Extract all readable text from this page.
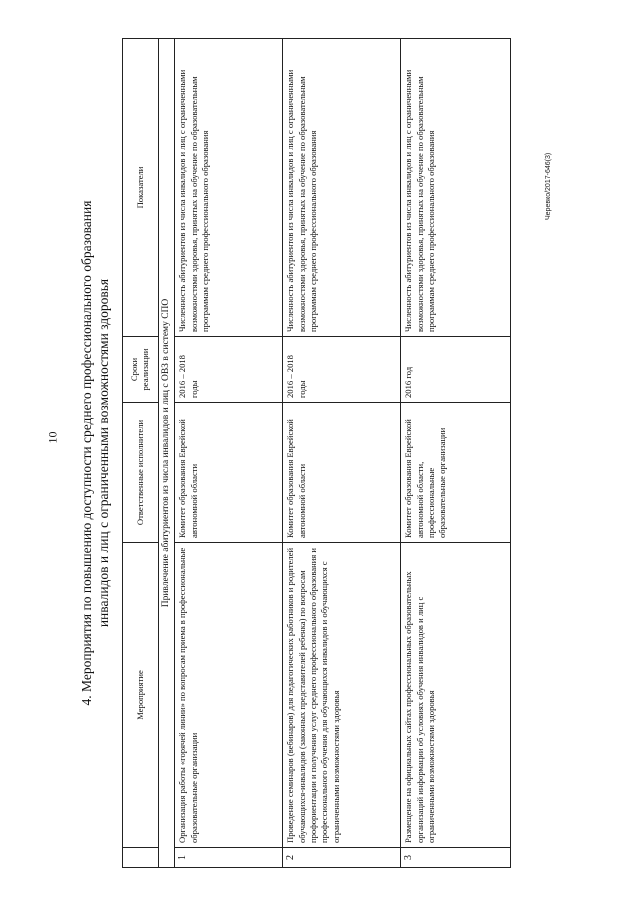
10
Черевко/2017-646(3)
4. Мероприятия по повышению доступности среднего профессионального образования инвалидов и лиц с ограниченными возможностями здоровья
	Мероприятие	Ответственные исполнители	Сроки реализации	Показатели
Привлечение абитуриентов из числа инвалидов и лиц с ОВЗ в систему СПО				
1	Организация работы «горячей линии» по вопросам приема в профессиональные образовательные организации	Комитет образования Еврейской автономной области	2016 – 2018 годы	Численность абитуриентов из числа инвалидов и лиц с ограниченными возможностями здоровья, принятых на обучение по образовательным программам среднего профессионального образования
2	Проведение семинаров (вебинаров) для педагогических работников и родителей обучающихся-инвалидов (законных представителей ребенка) по вопросам профориентации и получения услуг среднего профессионального образования и профессионального обучения для обучающихся инвалидов и обучающихся с ограниченными возможностями здоровья	Комитет образования Еврейской автономной области	2016 – 2018 годы	Численность абитуриентов из числа инвалидов и лиц с ограниченными возможностями здоровья, принятых на обучение по образовательным программам среднего профессионального образования
3	Размещение на официальных сайтах профессиональных образовательных организаций информации об условиях обучения инвалидов и лиц с ограниченными возможностями здоровья	Комитет образования Еврейской автономной области, профессиональные образовательные организации	2016 год	Численность абитуриентов из числа инвалидов и лиц с ограниченными возможностями здоровья, принятых на обучение по образовательным программам среднего профессионального образования
